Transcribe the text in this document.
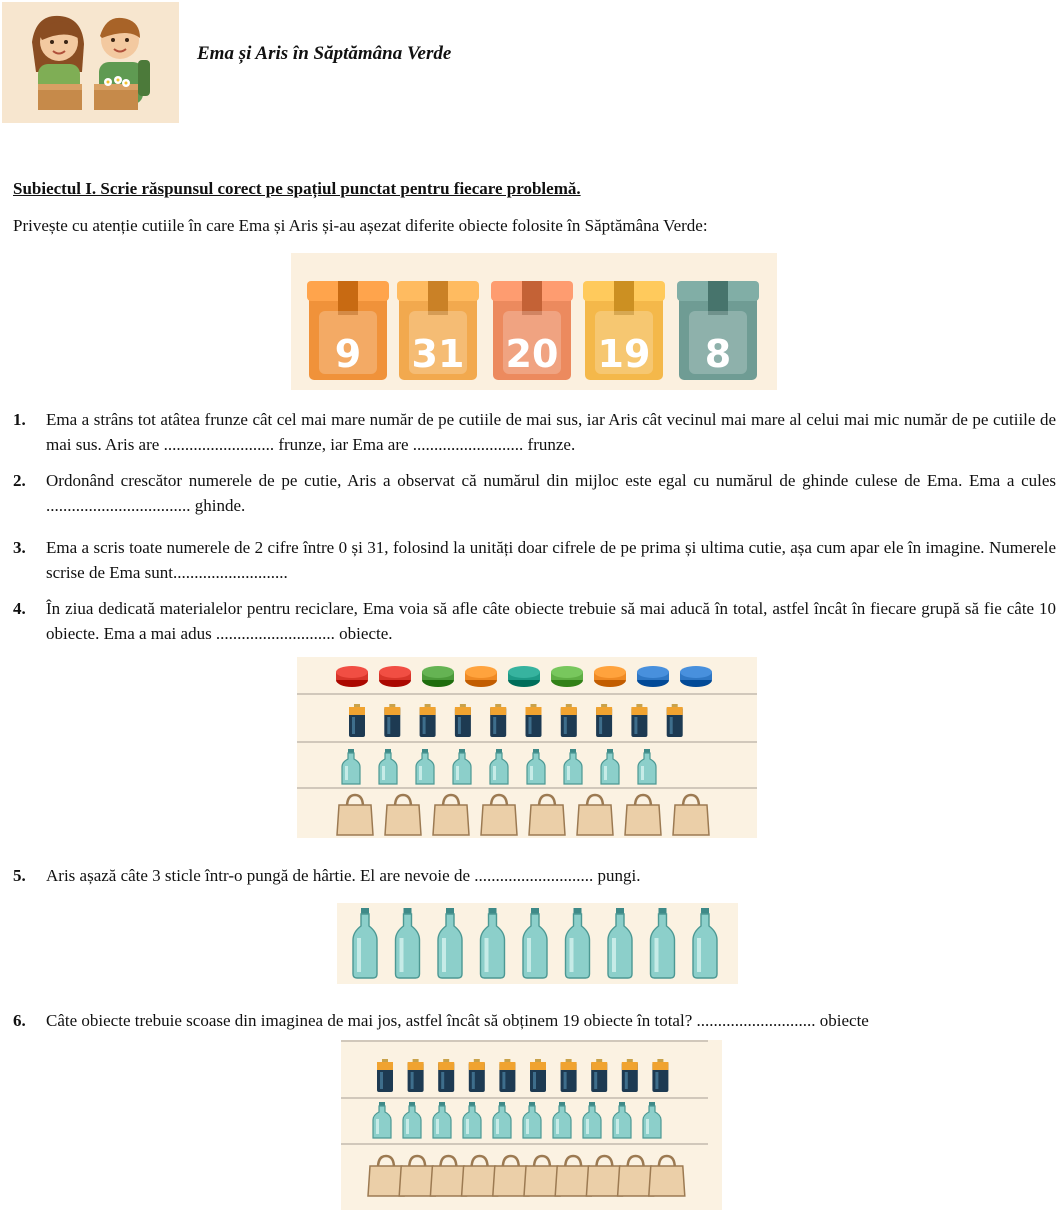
Ema și Aris în Săptămâna Verde
Subiectul I. Scrie răspunsul corect pe spațiul punctat pentru fiecare problemă.
Privește cu atenție cutiile în care Ema și Aris și-au așezat diferite obiecte folosite în Săptămâna Verde:
9 31 20 19 8
1. Ema a strâns tot atâtea frunze cât cel mai mare număr de pe cutiile de mai sus, iar Aris cât vecinul mai mare al celui mai mic număr de pe cutiile de mai sus. Aris are .......................... frunze, iar Ema are .......................... frunze.
2. Ordonând crescător numerele de pe cutie, Aris a observat că numărul din mijloc este egal cu numărul de ghinde culese de Ema. Ema a cules .................................. ghinde.
3. Ema a scris toate numerele de 2 cifre între 0 și 31, folosind la unități doar cifrele de pe prima și ultima cutie, așa cum apar ele în imagine. Numerele scrise de Ema sunt...........................
4. În ziua dedicată materialelor pentru reciclare, Ema voia să afle câte obiecte trebuie să mai aducă în total, astfel încât în fiecare grupă să fie câte 10 obiecte. Ema a mai adus ............................ obiecte.
5. Aris așază câte 3 sticle într-o pungă de hârtie. El are nevoie de ............................ pungi.
6. Câte obiecte trebuie scoase din imaginea de mai jos, astfel încât să obținem 19 obiecte în total? ............................ obiecte
